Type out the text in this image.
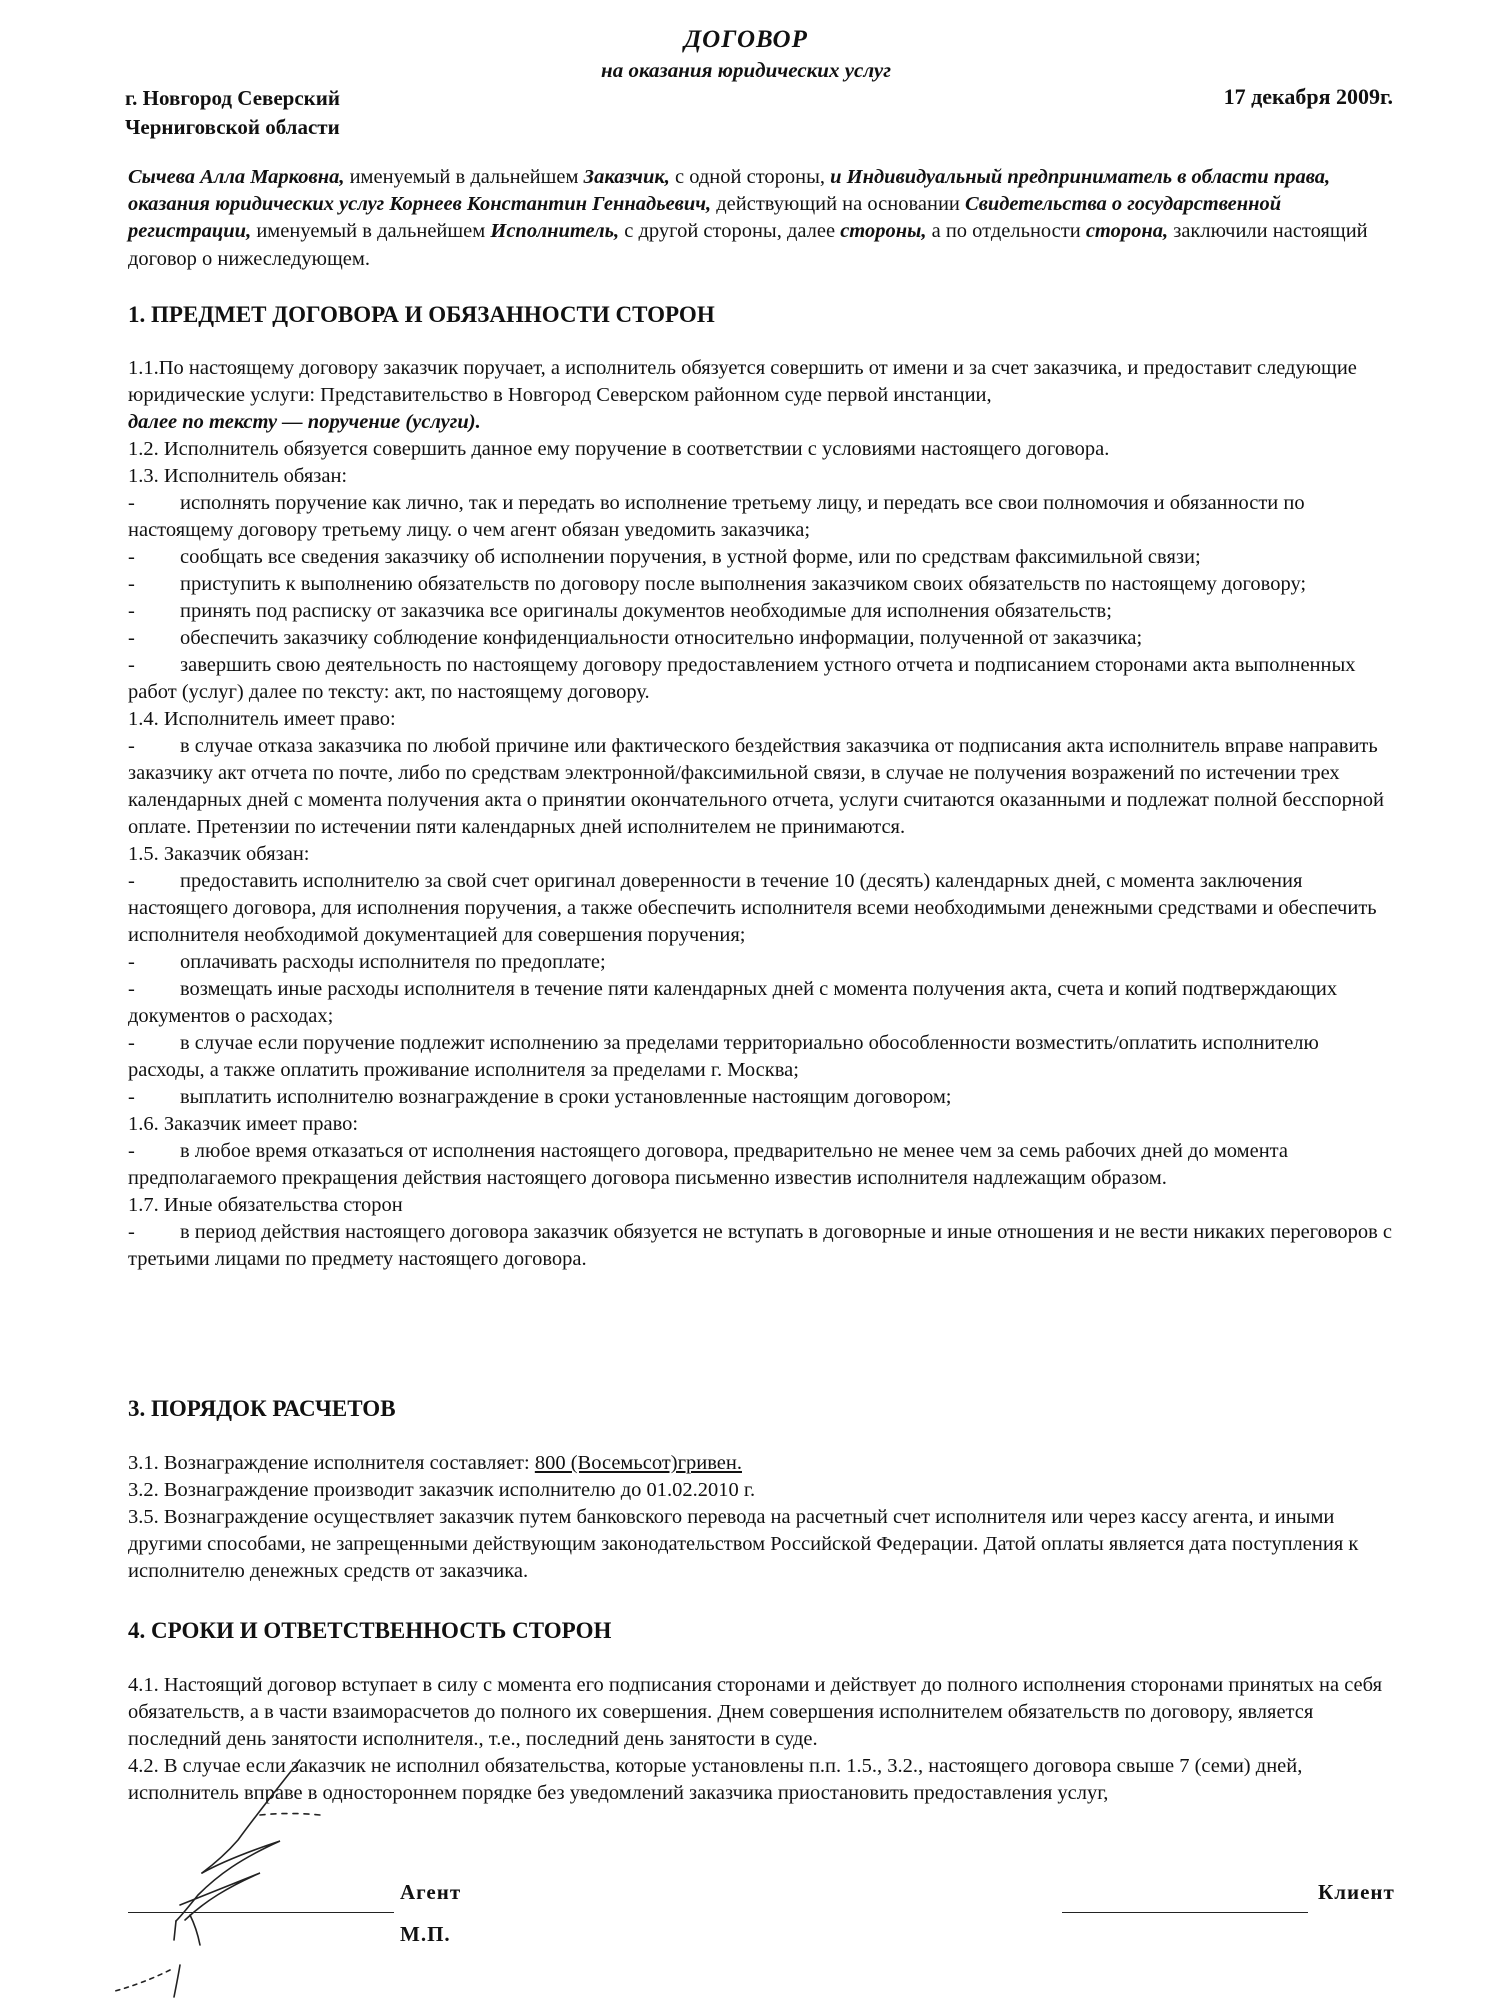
ДОГОВОР
на оказания юридических услуг
г. Новгород Северский
Черниговской области
17 декабря 2009г.

Сычева Алла Марковна, именуемый в дальнейшем Заказчик, с одной стороны, и Индивидуальный предприниматель в области права, оказания юридических услуг Корнеев Константин Геннадьевич, действующий на основании Свидетельства о государственной регистрации, именуемый в дальнейшем Исполнитель, с другой стороны, далее стороны, а по отдельности сторона, заключили настоящий договор о нижеследующем.

1. ПРЕДМЕТ ДОГОВОРА И ОБЯЗАННОСТИ СТОРОН

1.1.По настоящему договору заказчик поручает, а исполнитель обязуется совершить от имени и за счет заказчика, и предоставит следующие юридические услуги: Представительство в Новгород Северском районном суде первой инстанции,
далее по тексту — поручение (услуги).

1.2. Исполнитель обязуется совершить данное ему поручение в соответствии с условиями настоящего договора.

1.3. Исполнитель обязан:

- исполнять поручение как лично, так и передать во исполнение третьему лицу, и передать все свои полномочия и обязанности по настоящему договору третьему лицу. о чем агент обязан уведомить заказчика;

- сообщать все сведения заказчику об исполнении поручения, в устной форме, или по средствам факсимильной связи;

- приступить к выполнению обязательств по договору после выполнения заказчиком своих обязательств по настоящему договору;

- принять под расписку от заказчика все оригиналы документов необходимые для исполнения обязательств;

- обеспечить заказчику соблюдение конфиденциальности относительно информации, полученной от заказчика;

- завершить свою деятельность по настоящему договору предоставлением устного отчета и подписанием сторонами акта выполненных работ (услуг) далее по тексту: акт, по настоящему договору.

1.4. Исполнитель имеет право:

- в случае отказа заказчика по любой причине или фактического бездействия заказчика от подписания акта исполнитель вправе направить заказчику акт отчета по почте, либо по средствам электронной/факсимильной связи, в случае не получения возражений по истечении трех календарных дней с момента получения акта о принятии окончательного отчета, услуги считаются оказанными и подлежат полной бесспорной оплате. Претензии по истечении пяти календарных дней исполнителем не принимаются.

1.5. Заказчик обязан:

- предоставить исполнителю за свой счет оригинал доверенности в течение 10 (десять) календарных дней, с момента заключения настоящего договора, для исполнения поручения, а также обеспечить исполнителя всеми необходимыми денежными средствами и обеспечить исполнителя необходимой документацией для совершения поручения;

- оплачивать расходы исполнителя по предоплате;

- возмещать иные расходы исполнителя в течение пяти календарных дней с момента получения акта, счета и копий подтверждающих документов о расходах;

- в случае если поручение подлежит исполнению за пределами территориально обособленности возместить/оплатить исполнителю расходы, а также оплатить проживание исполнителя за пределами г. Москва;

- выплатить исполнителю вознаграждение в сроки установленные настоящим договором;

1.6. Заказчик имеет право:

- в любое время отказаться от исполнения настоящего договора, предварительно не менее чем за семь рабочих дней до момента предполагаемого прекращения действия настоящего договора письменно известив исполнителя надлежащим образом.

1.7. Иные обязательства сторон

- в период действия настоящего договора заказчик обязуется не вступать в договорные и иные отношения и не вести никаких переговоров с третьими лицами по предмету настоящего договора.

3. ПОРЯДОК РАСЧЕТОВ

3.1. Вознаграждение исполнителя составляет: 800 (Восемьсот)гривен.

3.2. Вознаграждение производит заказчик исполнителю до 01.02.2010 г.

3.5. Вознаграждение осуществляет заказчик путем банковского перевода на расчетный счет исполнителя или через кассу агента, и иными другими способами, не запрещенными действующим законодательством Российской Федерации. Датой оплаты является дата поступления к исполнителю денежных средств от заказчика.

4. СРОКИ И ОТВЕТСТВЕННОСТЬ СТОРОН

4.1. Настоящий договор вступает в силу с момента его подписания сторонами и действует до полного исполнения сторонами принятых на себя обязательств, а в части взаиморасчетов до полного их совершения. Днем совершения исполнителем обязательств по договору, является последний день занятости исполнителя., т.е., последний день занятости в суде.

4.2. В случае если заказчик не исполнил обязательства, которые установлены п.п. 1.5., 3.2., настоящего договора свыше 7 (семи) дней, исполнитель вправе в одностороннем порядке без уведомлений заказчика приостановить предоставления услуг,

Агент
М.П.
Клиент
